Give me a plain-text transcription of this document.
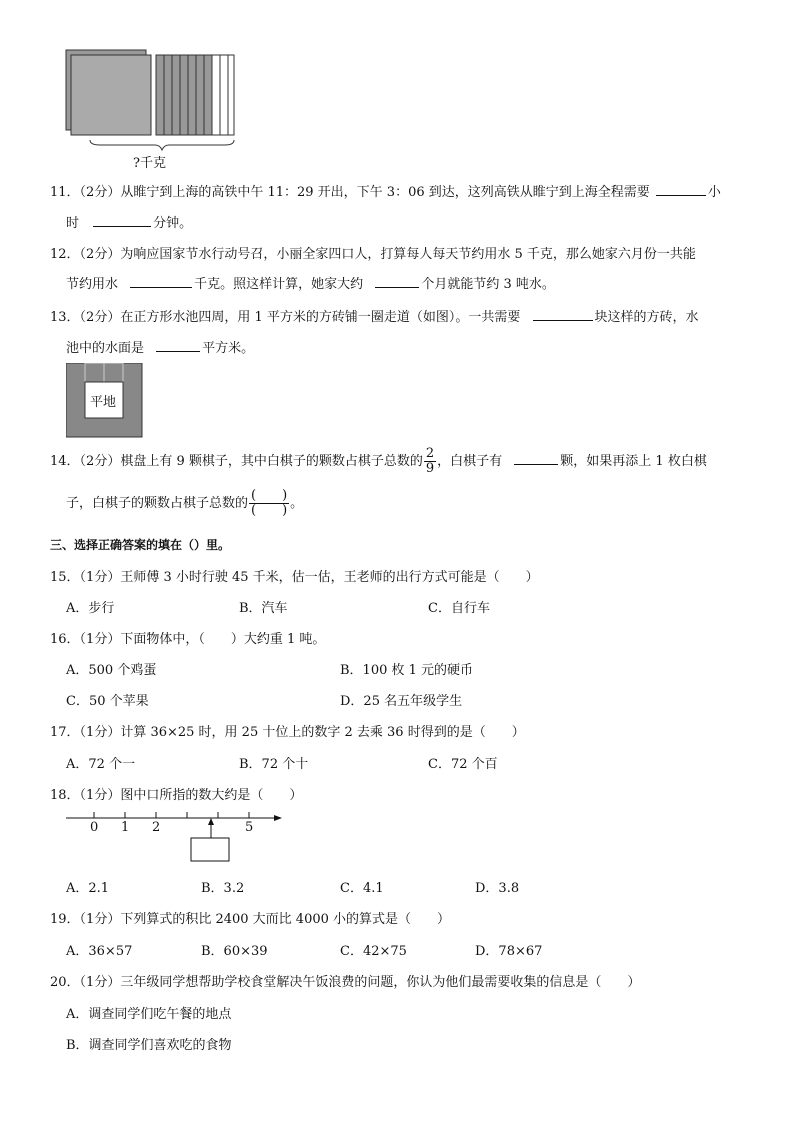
?千克
11．（2分）从睢宁到上海的高铁中午 11：29 开出，下午 3：06 到达，这列高铁从睢宁到上海全程需要	小
时	分钟。
12．（2分）为响应国家节水行动号召，小丽全家四口人，打算每人每天节约用水 5 千克，那么她家六月份一共能
节约用水	千克。照这样计算，她家大约	个月就能节约 3 吨水。
13．（2分）在正方形水池四周，用 1 平方米的方砖铺一圈走道（如图）。一共需要	块这样的方砖，水
池中的水面是	平方米。
平地
14．（2分）棋盘上有 9 颗棋子，其中白棋子的颗数占棋子总数的 $\frac{2}{9}$ ，白棋子有	颗，如果再添上 1 枚白棋
子，白棋子的颗数占棋子总数的 $\frac{( )}{( )}$ 。
三、选择正确答案的填在（）里。
15．（1分）王师傅 3 小时行驶 45 千米，估一估，王老师的出行方式可能是（　　）
A．步行	B．汽车	C．自行车
16．（1分）下面物体中，（　　）大约重 1 吨。
A．500 个鸡蛋	B．100 枚 1 元的硬币
C．50 个苹果	D．25 名五年级学生
17．（1分）计算 36×25 时，用 25 十位上的数字 2 去乘 36 时得到的是（　　）
A．72 个一	B．72 个十	C．72 个百
18．（1分）图中口所指的数大约是（　　）
0 1 2	5
A．2.1	B．3.2	C．4.1	D．3.8
19．（1分）下列算式的积比 2400 大而比 4000 小的算式是（　　）
A．36×57	B．60×39	C．42×75	D．78×67
20．（1分）三年级同学想帮助学校食堂解决午饭浪费的问题，你认为他们最需要收集的信息是（　　）
A．调查同学们吃午餐的地点
B．调查同学们喜欢吃的食物
